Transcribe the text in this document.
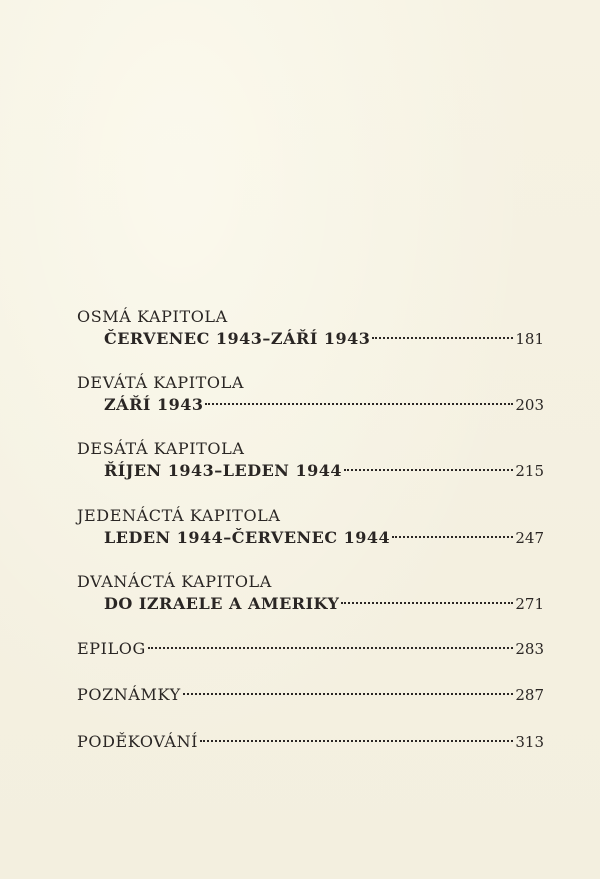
OSMÁ KAPITOLA
ČERVENEC 1943–ZÁŘÍ 1943	181
DEVÁTÁ KAPITOLA
ZÁŘÍ 1943	203
DESÁTÁ KAPITOLA
ŘÍJEN 1943–LEDEN 1944	215
JEDENÁCTÁ KAPITOLA
LEDEN 1944–ČERVENEC 1944	247
DVANÁCTÁ KAPITOLA
DO IZRAELE A AMERIKY	271
EPILOG	283
POZNÁMKY	287
PODĚKOVÁNÍ	313
